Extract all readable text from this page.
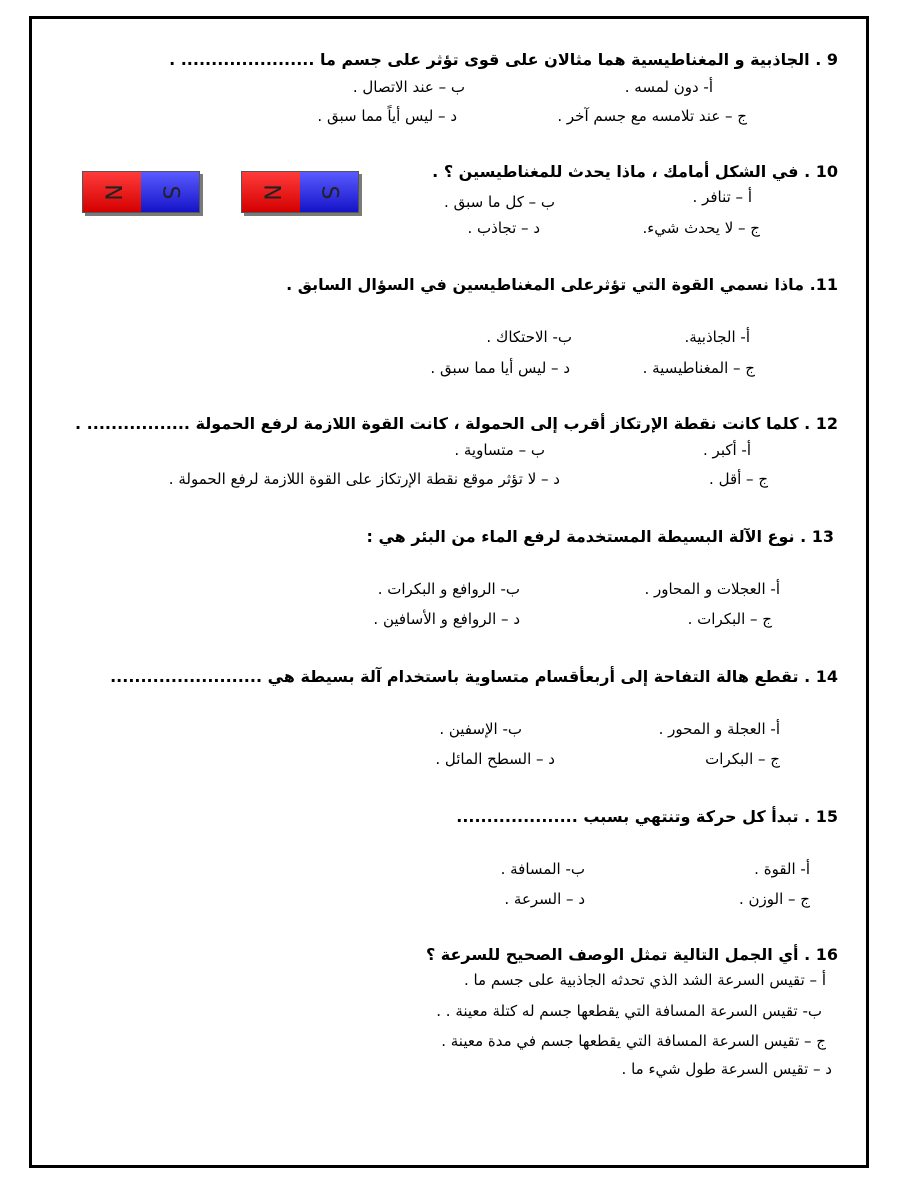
9 . الجاذبية و المغناطيسية هما مثالان على قوى تؤثر على جسم ما ...................... .
أ- دون لمسه .
ب – عند الاتصال .
ج – عند تلامسه مع جسم آخر .
د – ليس أياً مما سبق .
N S	N S
10 . في الشكل أمامك ، ماذا يحدث للمغناطيسين ؟ .
أ – تنافر .
ب – كل ما سبق .
ج – لا يحدث شيء.
د – تجاذب .
11. ماذا نسمي القوة التي تؤثرعلى المغناطيسين في السؤال السابق .
أ- الجاذبية.
ب- الاحتكاك .
ج – المغناطيسية .
د – ليس أيا مما سبق .
12 . كلما كانت نقطة الإرتكاز أقرب إلى الحمولة ، كانت القوة اللازمة لرفع الحمولة ................. .
أ- أكبر .
ب – متساوية .
ج – أقل .
د – لا تؤثر موقع نقطة الإرتكاز على القوة اللازمة لرفع الحمولة .
13 . نوع الآلة البسيطة المستخدمة لرفع الماء من البئر هي :
أ- العجلات و المحاور .
ب- الروافع و البكرات .
ج – البكرات .
د – الروافع و الأسافين .
14 . تقطع هالة التفاحة إلى أربعأقسام متساوية باستخدام آلة بسيطة هي .........................
أ- العجلة و المحور .
ب- الإسفين .
ج – البكرات
د – السطح المائل .
15 . تبدأ كل حركة وتنتهي بسبب ....................
أ- القوة .
ب- المسافة .
ج – الوزن .
د – السرعة .
16 . أي الجمل التالية تمثل الوصف الصحيح للسرعة ؟
أ – تقيس السرعة الشد الذي تحدثه الجاذبية على جسم ما .
ب- تقيس السرعة المسافة التي يقطعها جسم له كتلة معينة . .
ج – تقيس السرعة المسافة التي يقطعها جسم في مدة معينة .
د – تقيس السرعة طول شيء ما .
